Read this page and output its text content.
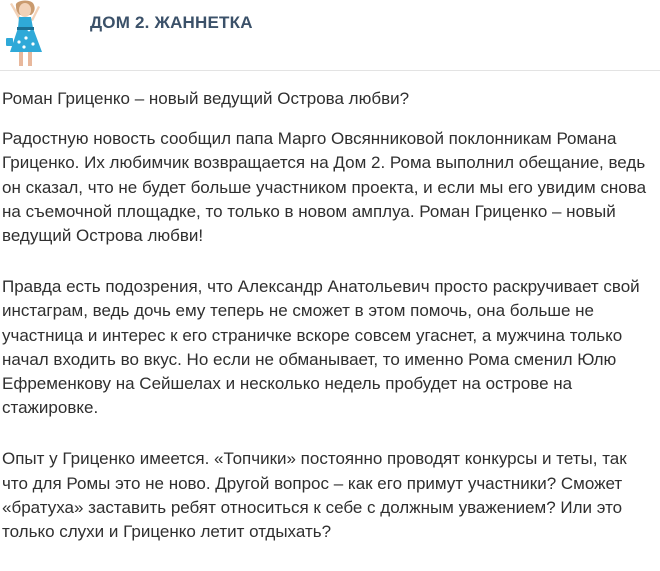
ДОМ 2. ЖАННЕТКА

Роман Гриценко – новый ведущий Острова любви?

Радостную новость сообщил папа Марго Овсянниковой поклонникам Романа Гриценко. Их любимчик возвращается на Дом 2. Рома выполнил обещание, ведь он сказал, что не будет больше участником проекта, и если мы его увидим снова на съемочной площадке, то только в новом амплуа. Роман Гриценко – новый ведущий Острова любви!

Правда есть подозрения, что Александр Анатольевич просто раскручивает свой инстаграм, ведь дочь ему теперь не сможет в этом помочь, она больше не участница и интерес к его страничке вскоре совсем угаснет, а мужчина только начал входить во вкус. Но если не обманывает, то именно Рома сменил Юлю Ефременкову на Сейшелах и несколько недель пробудет на острове на стажировке.

Опыт у Гриценко имеется. «Топчики» постоянно проводят конкурсы и теты, так что для Ромы это не ново. Другой вопрос – как его примут участники? Сможет «братуха» заставить ребят относиться к себе с должным уважением? Или это только слухи и Гриценко летит отдыхать?
